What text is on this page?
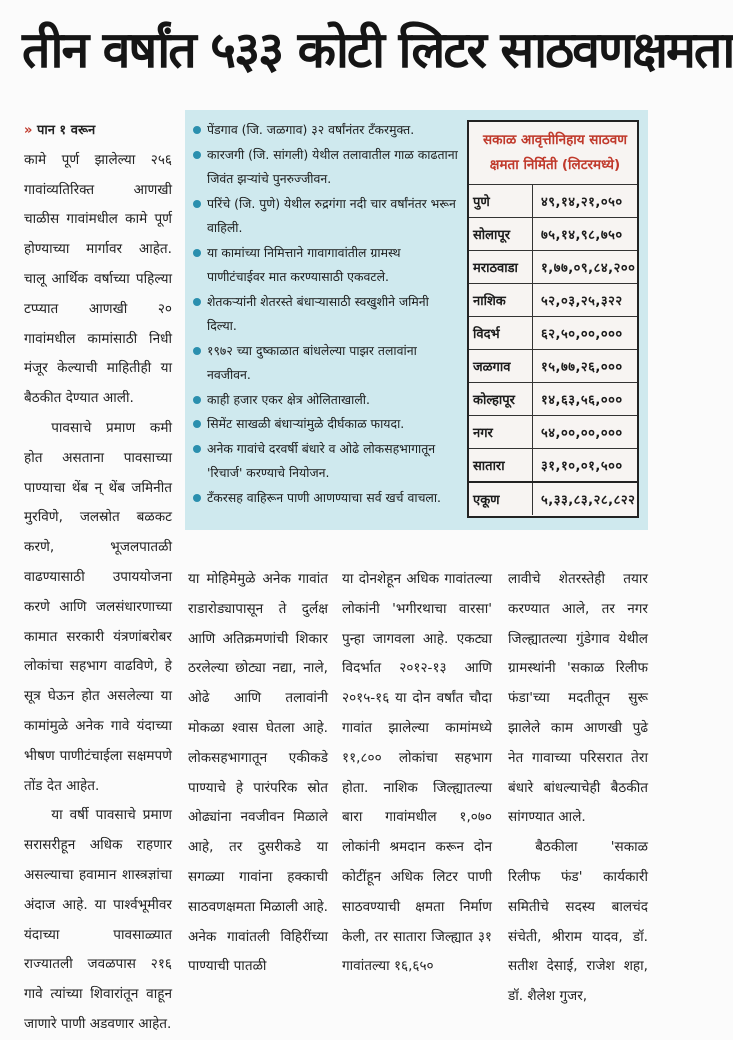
तीन वर्षांत ५३३ कोटी लिटर साठवणक्षमता

» पान १ वरून

कामे पूर्ण झालेल्या २५६ गावांव्यतिरिक्त आणखी चाळीस गावांमधील कामे पूर्ण होण्याच्या मार्गावर आहेत. चालू आर्थिक वर्षाच्या पहिल्या टप्प्यात आणखी २० गावांमधील कामांसाठी निधी मंजूर केल्याची माहितीही या बैठकीत देण्यात आली.

पावसाचे प्रमाण कमी होत असताना पावसाच्या पाण्याचा थेंब न् थेंब जमिनीत मुरविणे, जलस्रोत बळकट करणे, भूजलपातळी वाढण्यासाठी उपाययोजना करणे आणि जलसंधारणाच्या कामात सरकारी यंत्रणांबरोबर लोकांचा सहभाग वाढविणे, हे सूत्र घेऊन होत असलेल्या या कामांमुळे अनेक गावे यंदाच्या भीषण पाणीटंचाईला सक्षमपणे तोंड देत आहेत.

या वर्षी पावसाचे प्रमाण सरासरीहून अधिक राहणार असल्याचा हवामान शास्त्रज्ञांचा अंदाज आहे. या पार्श्वभूमीवर यंदाच्या पावसाळ्यात राज्यातली जवळपास २१६ गावे त्यांच्या शिवारांतून वाहून जाणारे पाणी अडवणार आहेत.

पेंडगाव (जि. जळगाव) ३२ वर्षांनंतर टँकरमुक्त.
कारजगी (जि. सांगली) येथील तलावातील गाळ काढताना जिवंत झऱ्यांचे पुनरुज्जीवन.
परिंचे (जि. पुणे) येथील रुद्रगंगा नदी चार वर्षांनंतर भरून वाहिली.
या कामांच्या निमित्ताने गावागावांतील ग्रामस्थ पाणीटंचाईवर मात करण्यासाठी एकवटले.
शेतकऱ्यांनी शेतरस्ते बंधाऱ्यासाठी स्वखुशीने जमिनी दिल्या.
१९७२ च्या दुष्काळात बांधलेल्या पाझर तलावांना नवजीवन.
काही हजार एकर क्षेत्र ओलिताखाली.
सिमेंट साखळी बंधाऱ्यांमुळे दीर्घकाळ फायदा.
अनेक गावांचे दरवर्षी बंधारे व ओढे लोकसहभागातून 'रिचार्ज' करण्याचे नियोजन.
टँकरसह वाहिरून पाणी आणण्याचा सर्व खर्च वाचला.
सकाळ आवृत्तीनिहाय साठवण क्षमता निर्मिती (लिटरमध्ये)
पुणे	४९,१४,२१,०५०
सोलापूर	७५,१४,९८,७५०
मराठवाडा	१,७७,०९,८४,२००
नाशिक	५२,०३,२५,३२२
विदर्भ	६२,५०,००,०००
जळगाव	१५,७७,२६,०००
कोल्हापूर	१४,६३,५६,०००
नगर	५४,००,००,०००
सातारा	३१,१०,०१,५००
एकूण	५,३३,८३,२८,८२२

या मोहिमेमुळे अनेक गावांत राडारोड्यापासून ते दुर्लक्ष आणि अतिक्रमणांची शिकार ठरलेल्या छोट्या नद्या, नाले, ओढे आणि तलावांनी मोकळा श्वास घेतला आहे. लोकसहभागातून एकीकडे पाण्याचे हे पारंपरिक स्रोत ओढ्यांना नवजीवन मिळाले आहे, तर दुसरीकडे या सगळ्या गावांना हक्काची साठवणक्षमता मिळाली आहे. अनेक गावांतली विहिरींच्या पाण्याची पातळी

या दोनशेहून अधिक गावांतल्या लोकांनी 'भगीरथाचा वारसा' पुन्हा जागवला आहे. एकट्या विदर्भात २०१२-१३ आणि २०१५-१६ या दोन वर्षांत चौदा गावांत झालेल्या कामांमध्ये ११,८०० लोकांचा सहभाग होता. नाशिक जिल्ह्यातल्या बारा गावांमधील १,०७० लोकांनी श्रमदान करून दोन कोटींहून अधिक लिटर पाणी साठवण्याची क्षमता निर्माण केली, तर सातारा जिल्ह्यात ३१ गावांतल्या १६,६५०

लावीचे शेतरस्तेही तयार करण्यात आले, तर नगर जिल्ह्यातल्या गुंडेगाव येथील ग्रामस्थांनी 'सकाळ रिलीफ फंडा'च्या मदतीतून सुरू झालेले काम आणखी पुढे नेत गावाच्या परिसरात तेरा बंधारे बांधल्याचेही बैठकीत सांगण्यात आले.

बैठकीला 'सकाळ रिलीफ फंड' कार्यकारी समितीचे सदस्य बालचंद संचेती, श्रीराम यादव, डॉ. सतीश देसाई, राजेश शहा, डॉ. शैलेश गुजर,
